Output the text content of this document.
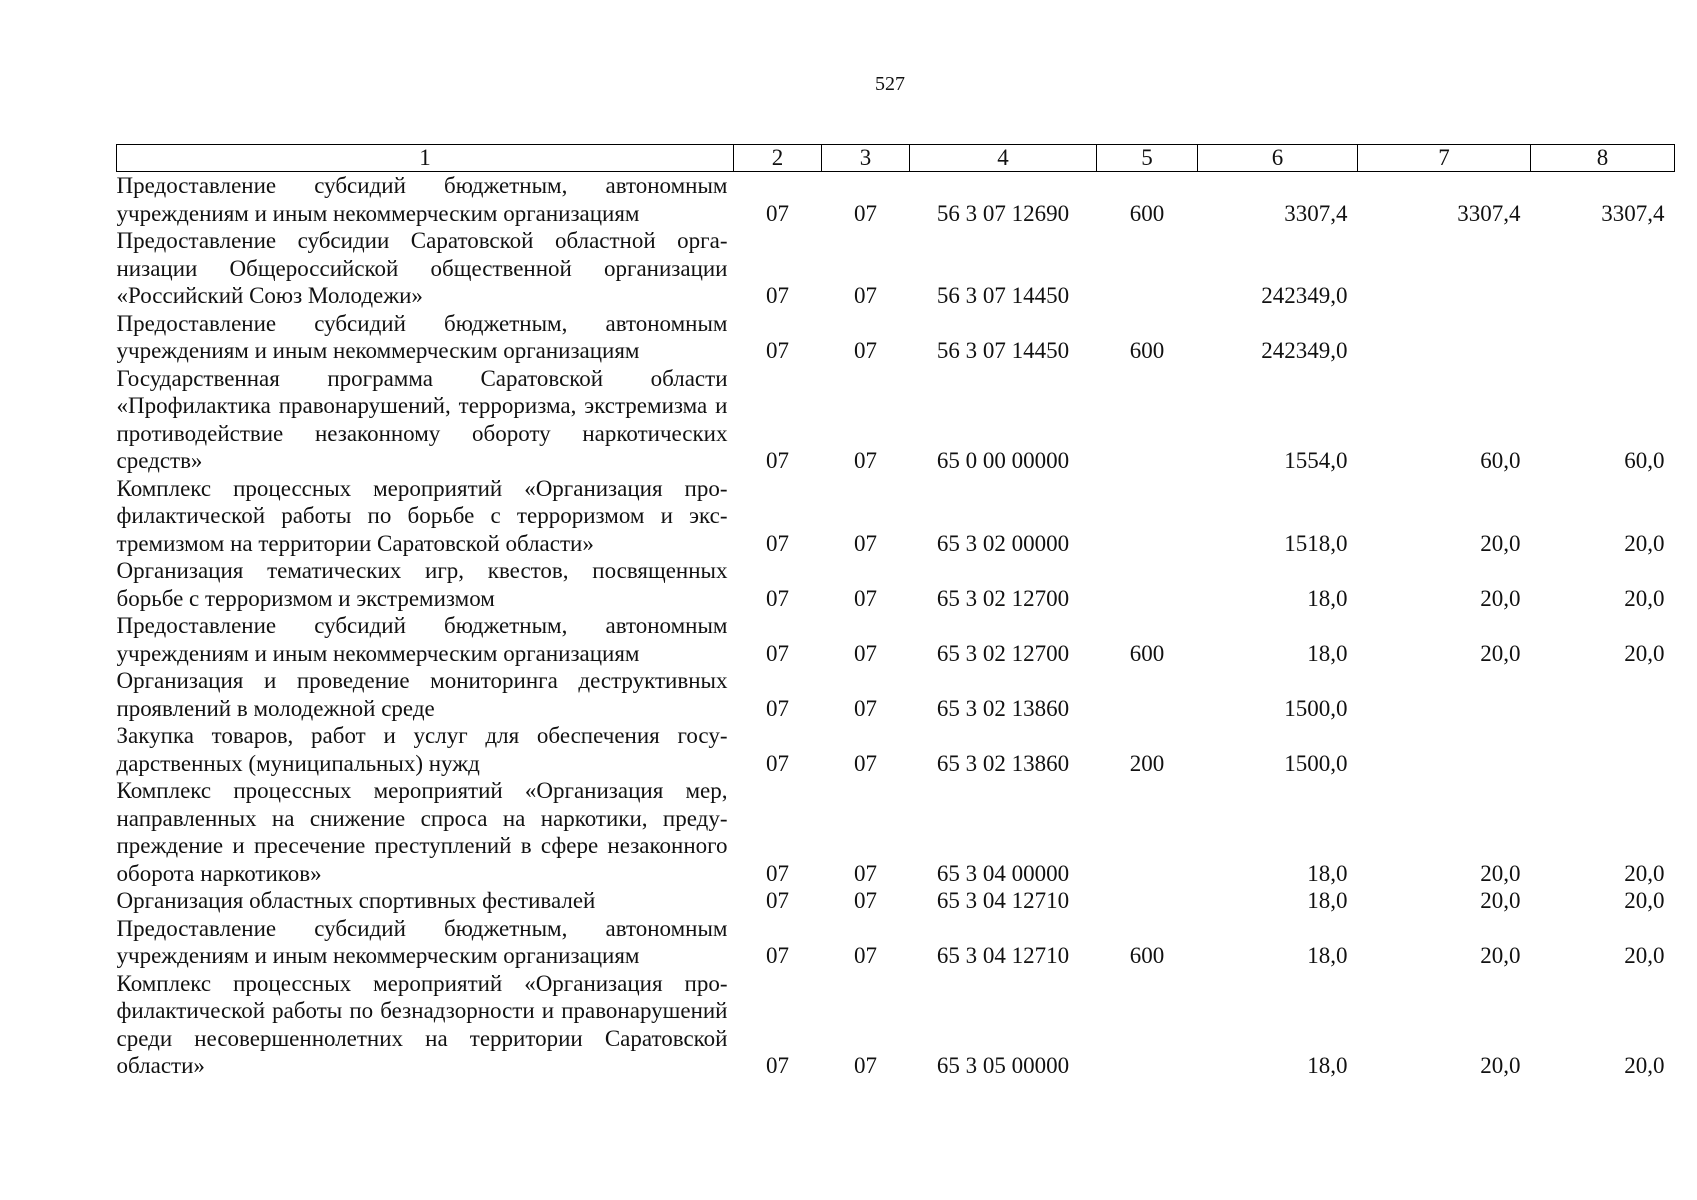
527
1	2	3	4	5	6	7	8
Предоставление субсидий бюджетным, автономным учреждениям и иным некоммерческим организациям	07	07	56 3 07 12690	600	3307,4	3307,4	3307,4
Предоставление субсидии Саратовской областной организации Общероссийской общественной организации «Российский Союз Молодежи»	07	07	56 3 07 14450		242349,0		
Предоставление субсидий бюджетным, автономным учреждениям и иным некоммерческим организациям	07	07	56 3 07 14450	600	242349,0		
Государственная программа Саратовской области «Профилактика правонарушений, терроризма, экстремизма и противодействие незаконному обороту наркотических средств»	07	07	65 0 00 00000		1554,0	60,0	60,0
Комплекс процессных мероприятий «Организация профилактической работы по борьбе с терроризмом и экстремизмом на территории Саратовской области»	07	07	65 3 02 00000		1518,0	20,0	20,0
Организация тематических игр, квестов, посвященных борьбе с терроризмом и экстремизмом	07	07	65 3 02 12700		18,0	20,0	20,0
Предоставление субсидий бюджетным, автономным учреждениям и иным некоммерческим организациям	07	07	65 3 02 12700	600	18,0	20,0	20,0
Организация и проведение мониторинга деструктивных проявлений в молодежной среде	07	07	65 3 02 13860		1500,0		
Закупка товаров, работ и услуг для обеспечения государственных (муниципальных) нужд	07	07	65 3 02 13860	200	1500,0		
Комплекс процессных мероприятий «Организация мер, направленных на снижение спроса на наркотики, предупреждение и пресечение преступлений в сфере незаконного оборота наркотиков»	07	07	65 3 04 00000		18,0	20,0	20,0
Организация областных спортивных фестивалей	07	07	65 3 04 12710		18,0	20,0	20,0
Предоставление субсидий бюджетным, автономным учреждениям и иным некоммерческим организациям	07	07	65 3 04 12710	600	18,0	20,0	20,0
Комплекс процессных мероприятий «Организация профилактической работы по безнадзорности и правонарушений среди несовершеннолетних на территории Саратовской области»	07	07	65 3 05 00000		18,0	20,0	20,0
